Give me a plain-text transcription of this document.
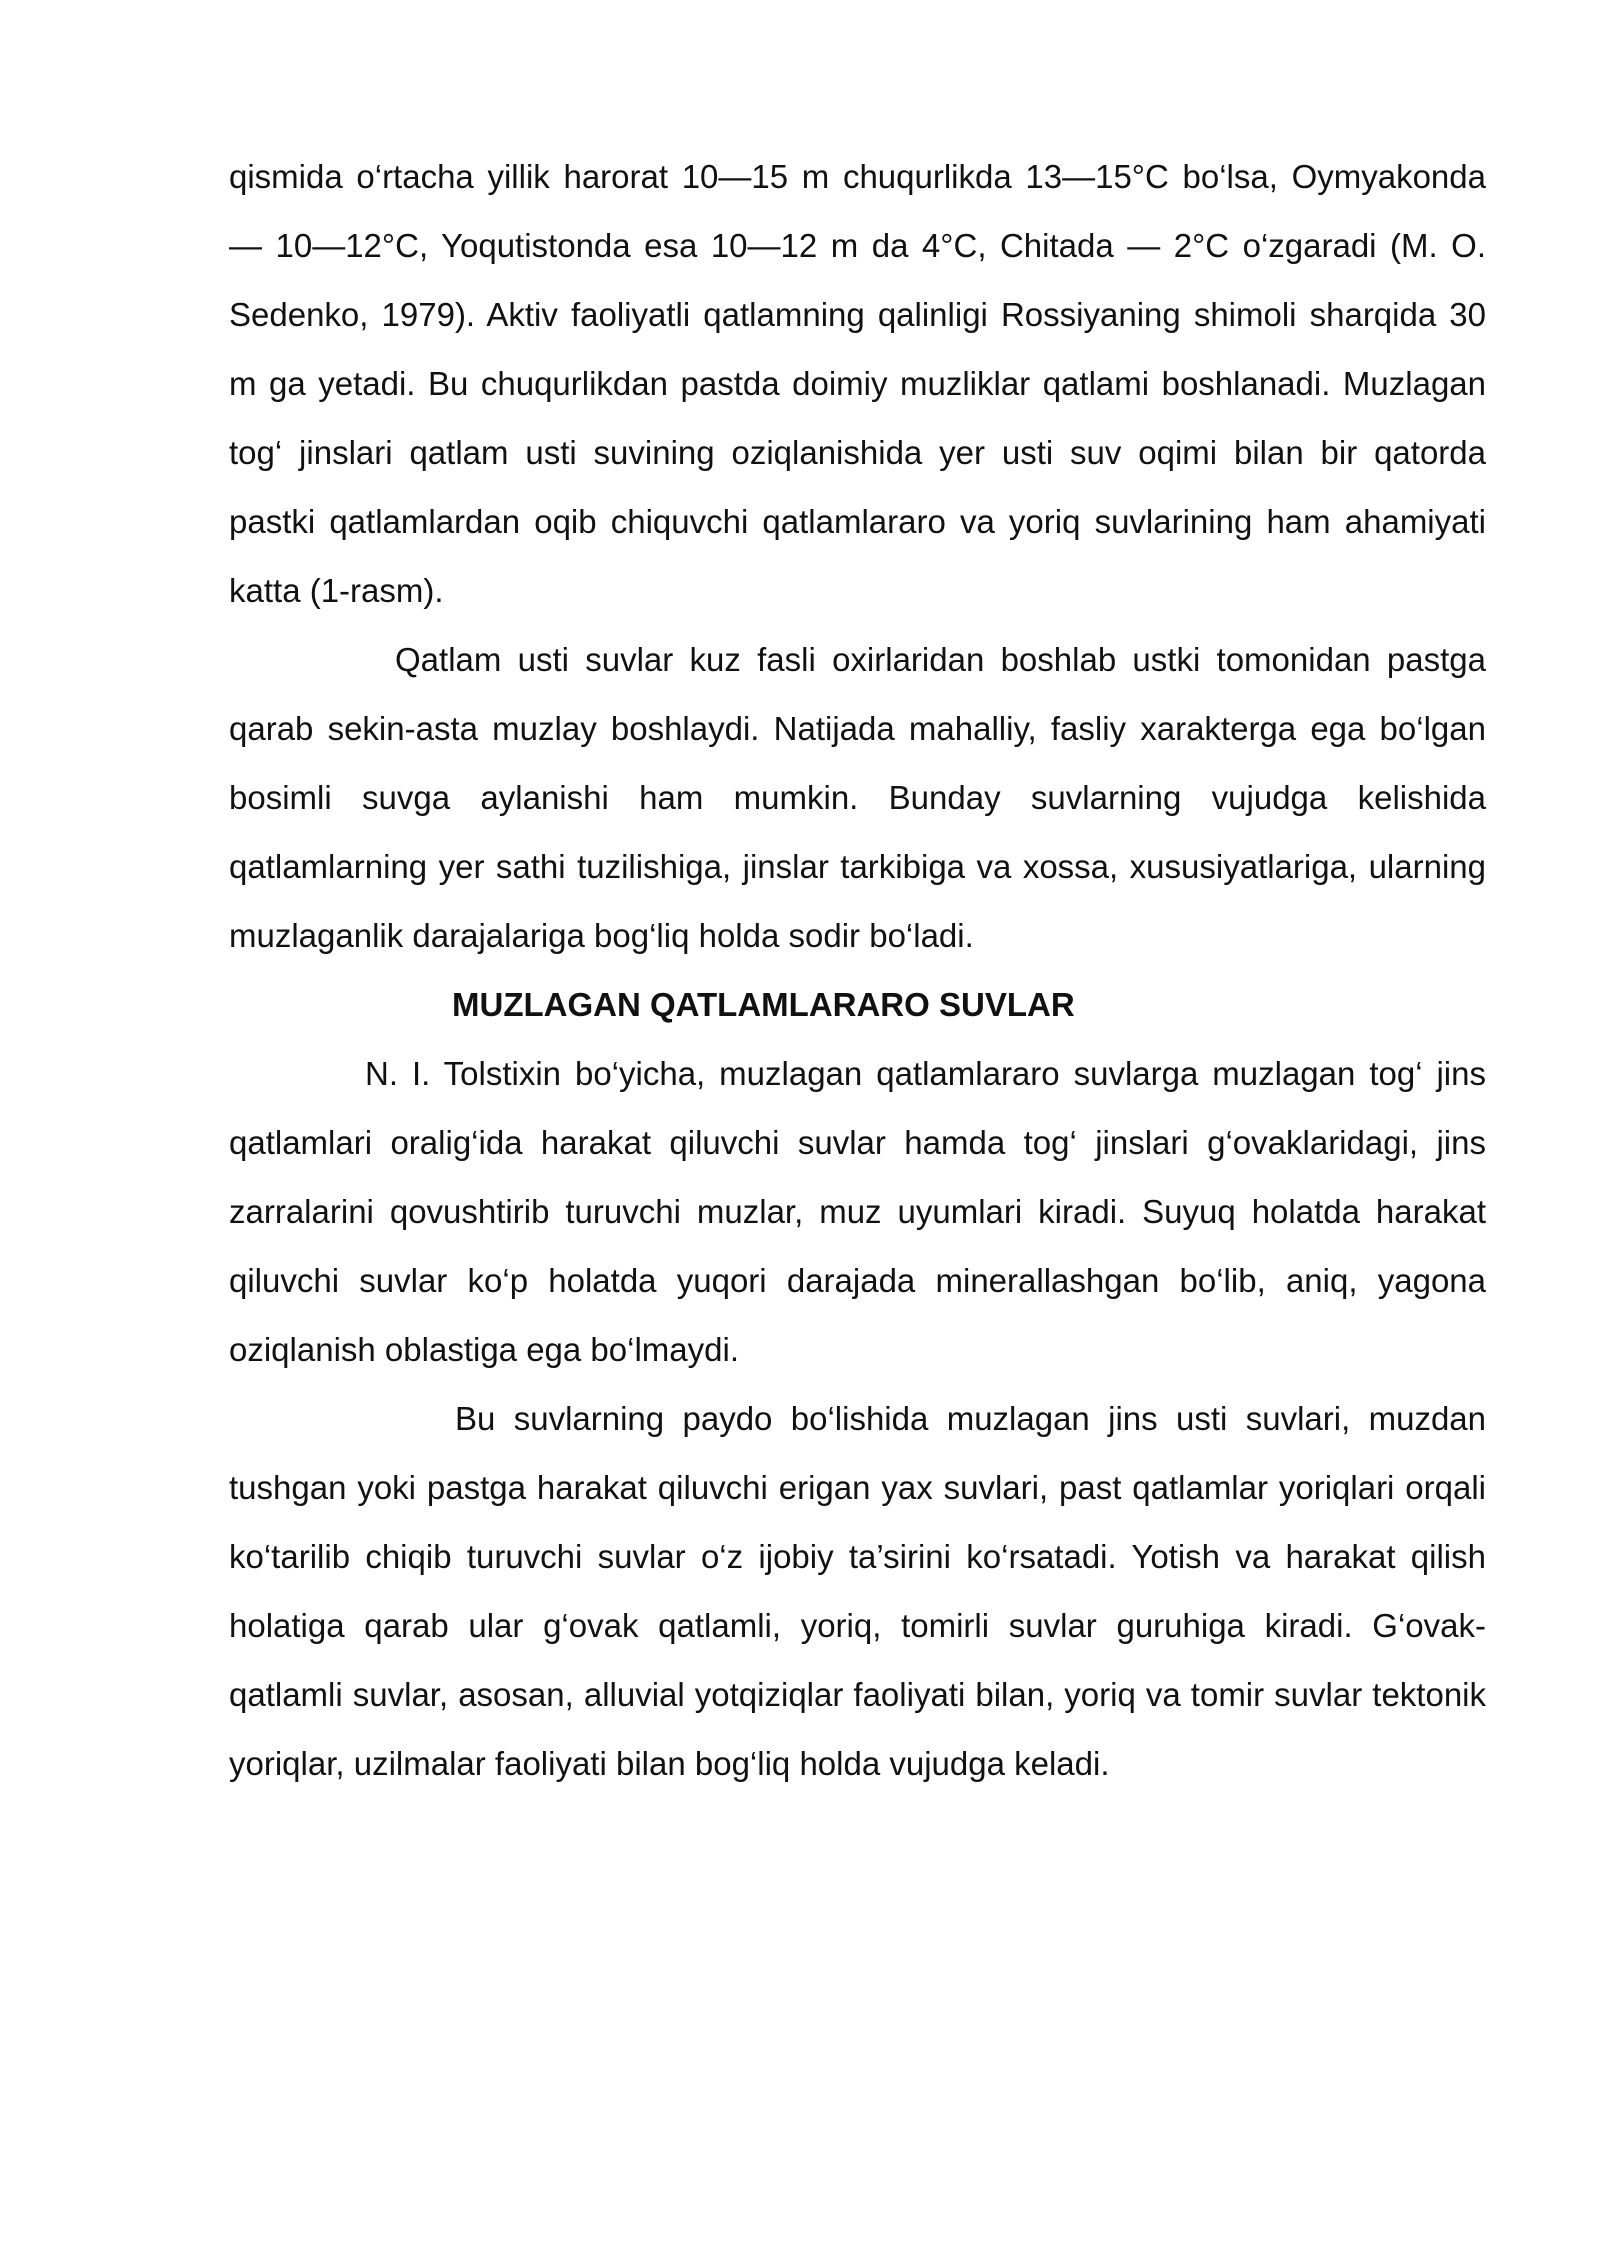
qismida o‘rtacha yillik harorat 10—15 m chuqurlikda 13—15°C bo‘lsa, Oymyakonda — 10—12°C, Yoqutistonda esa 10—12 m da 4°C, Chitada — 2°C o‘zgaradi (M. O. Sedenko, 1979). Aktiv faoliyatli qatlamning qalinligi Rossiyaning shimoli sharqida 30 m ga yetadi. Bu chuqurlikdan pastda doimiy muzliklar qatlami boshlanadi. Muzlagan tog‘ jinslari qatlam usti suvining oziqlanishida yer usti suv oqimi bilan bir qatorda pastki qatlamlardan oqib chiquvchi qatlamlararo va yoriq suvlarining ham ahamiyati katta (1-rasm).

Qatlam usti suvlar kuz fasli oxirlaridan boshlab ustki tomonidan pastga qarab sekin-asta muzlay boshlaydi. Natijada mahalliy, fasliy xarakterga ega bo‘lgan bosimli suvga aylanishi ham mumkin. Bunday suvlarning vujudga kelishida qatlamlarning yer sathi tuzilishiga, jinslar tarkibiga va xossa, xususiyatlariga, ularning muzlaganlik darajalariga bog‘liq holda sodir bo‘ladi.

MUZLAGAN QATLAMLARARO SUVLAR

N. I. Tolstixin bo‘yicha, muzlagan qatlamlararo suvlarga muzlagan tog‘ jins qatlamlari oralig‘ida harakat qiluvchi suvlar hamda tog‘ jinslari g‘ovaklaridagi, jins zarralarini qovushtirib turuvchi muzlar, muz uyumlari kiradi. Suyuq holatda harakat qiluvchi suvlar ko‘p holatda yuqori darajada minerallashgan bo‘lib, aniq, yagona oziqlanish oblastiga ega bo‘lmaydi.

Bu suvlarning paydo bo‘lishida muzlagan jins usti suvlari, muzdan tushgan yoki pastga harakat qiluvchi erigan yax suvlari, past qatlamlar yoriqlari orqali ko‘tarilib chiqib turuvchi suvlar o‘z ijobiy ta’sirini ko‘rsatadi. Yotish va harakat qilish holatiga qarab ular g‘ovak qatlamli, yoriq, tomirli suvlar guruhiga kiradi. G‘ovak-qatlamli suvlar, asosan, alluvial yotqiziqlar faoliyati bilan, yoriq va tomir suvlar tektonik yoriqlar, uzilmalar faoliyati bilan bog‘liq holda vujudga keladi.
